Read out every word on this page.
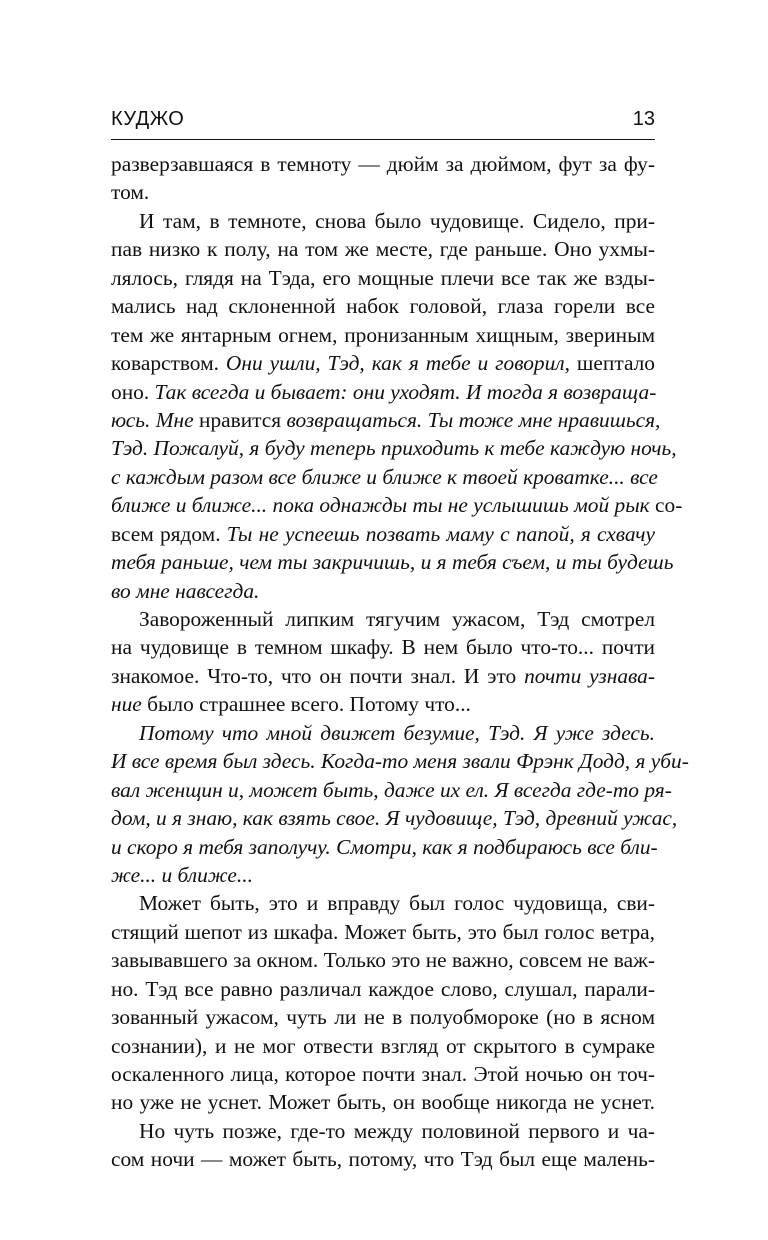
КУДЖО	13
разверзавшаяся в темноту — дюйм за дюймом, фут за фу-
том.
И там, в темноте, снова было чудовище. Сидело, при-
пав низко к полу, на том же месте, где раньше. Оно ухмы-
лялось, глядя на Тэда, его мощные плечи все так же взды-
мались над склоненной набок головой, глаза горели все
тем же янтарным огнем, пронизанным хищным, звериным
коварством. Они ушли, Тэд, как я тебе и говорил, шептало
оно. Так всегда и бывает: они уходят. И тогда я возвраща-
юсь. Мне нравится возвращаться. Ты тоже мне нравишься,
Тэд. Пожалуй, я буду теперь приходить к тебе каждую ночь,
с каждым разом все ближе и ближе к твоей кроватке... все
ближе и ближе... пока однажды ты не услышишь мой рык со-
всем рядом. Ты не успеешь позвать маму с папой, я схвачу
тебя раньше, чем ты закричишь, и я тебя съем, и ты будешь
во мне навсегда.
Завороженный липким тягучим ужасом, Тэд смотрел
на чудовище в темном шкафу. В нем было что-то... почти
знакомое. Что-то, что он почти знал. И это почти узнава-
ние было страшнее всего. Потому что...
Потому что мной движет безумие, Тэд. Я уже здесь.
И все время был здесь. Когда-то меня звали Фрэнк Додд, я уби-
вал женщин и, может быть, даже их ел. Я всегда где-то ря-
дом, и я знаю, как взять свое. Я чудовище, Тэд, древний ужас,
и скоро я тебя заполучу. Смотри, как я подбираюсь все бли-
же... и ближе...
Может быть, это и вправду был голос чудовища, сви-
стящий шепот из шкафа. Может быть, это был голос ветра,
завывавшего за окном. Только это не важно, совсем не важ-
но. Тэд все равно различал каждое слово, слушал, парали-
зованный ужасом, чуть ли не в полуобмороке (но в ясном
сознании), и не мог отвести взгляд от скрытого в сумраке
оскаленного лица, которое почти знал. Этой ночью он точ-
но уже не уснет. Может быть, он вообще никогда не уснет.
Но чуть позже, где-то между половиной первого и ча-
сом ночи — может быть, потому, что Тэд был еще малень-
